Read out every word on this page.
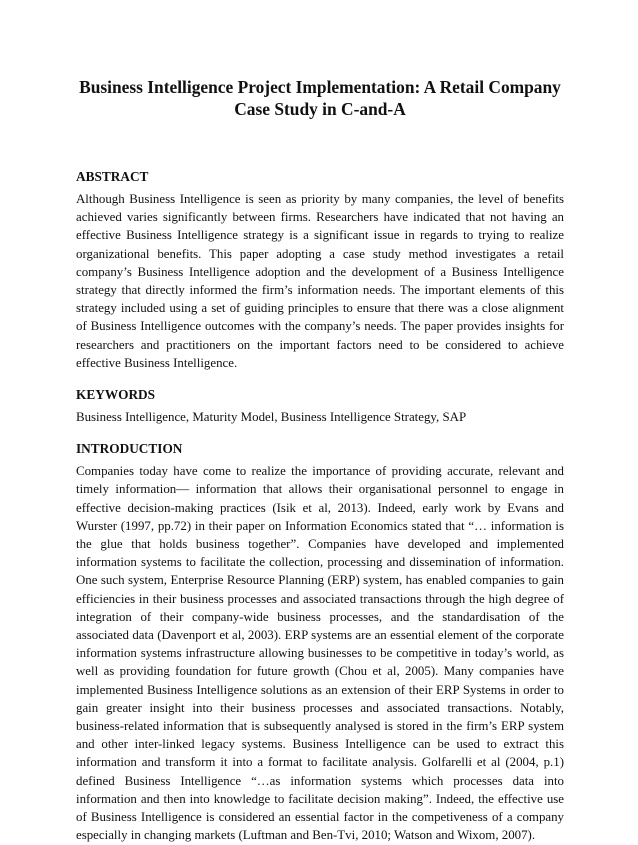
Business Intelligence Project Implementation: A Retail Company
Case Study in C-and-A
ABSTRACT

Although Business Intelligence is seen as priority by many companies, the level of benefits achieved varies significantly between firms. Researchers have indicated that not having an effective Business Intelligence strategy is a significant issue in regards to trying to realize organizational benefits. This paper adopting a case study method investigates a retail company’s Business Intelligence adoption and the development of a Business Intelligence strategy that directly informed the firm’s information needs. The important elements of this strategy included using a set of guiding principles to ensure that there was a close alignment of Business Intelligence outcomes with the company’s needs. The paper provides insights for researchers and practitioners on the important factors need to be considered to achieve effective Business Intelligence.

KEYWORDS

Business Intelligence, Maturity Model, Business Intelligence Strategy, SAP

INTRODUCTION

Companies today have come to realize the importance of providing accurate, relevant and timely information— information that allows their organisational personnel to engage in effective decision-making practices (Isik et al, 2013). Indeed, early work by Evans and Wurster (1997, pp.72) in their paper on Information Economics stated that “… information is the glue that holds business together”. Companies have developed and implemented information systems to facilitate the collection, processing and dissemination of information. One such system, Enterprise Resource Planning (ERP) system, has enabled companies to gain efficiencies in their business processes and associated transactions through the high degree of integration of their company-wide business processes, and the standardisation of the associated data (Davenport et al, 2003). ERP systems are an essential element of the corporate information systems infrastructure allowing businesses to be competitive in today’s world, as well as providing foundation for future growth (Chou et al, 2005). Many companies have implemented Business Intelligence solutions as an extension of their ERP Systems in order to gain greater insight into their business processes and associated transactions. Notably, business-related information that is subsequently analysed is stored in the firm’s ERP system and other inter-linked legacy systems. Business Intelligence can be used to extract this information and transform it into a format to facilitate analysis. Golfarelli et al (2004, p.1) defined Business Intelligence “…as information systems which processes data into information and then into knowledge to facilitate decision making”. Indeed, the effective use of Business Intelligence is considered an essential factor in the competiveness of a company especially in changing markets (Luftman and Ben-Tvi, 2010; Watson and Wixom, 2007).
